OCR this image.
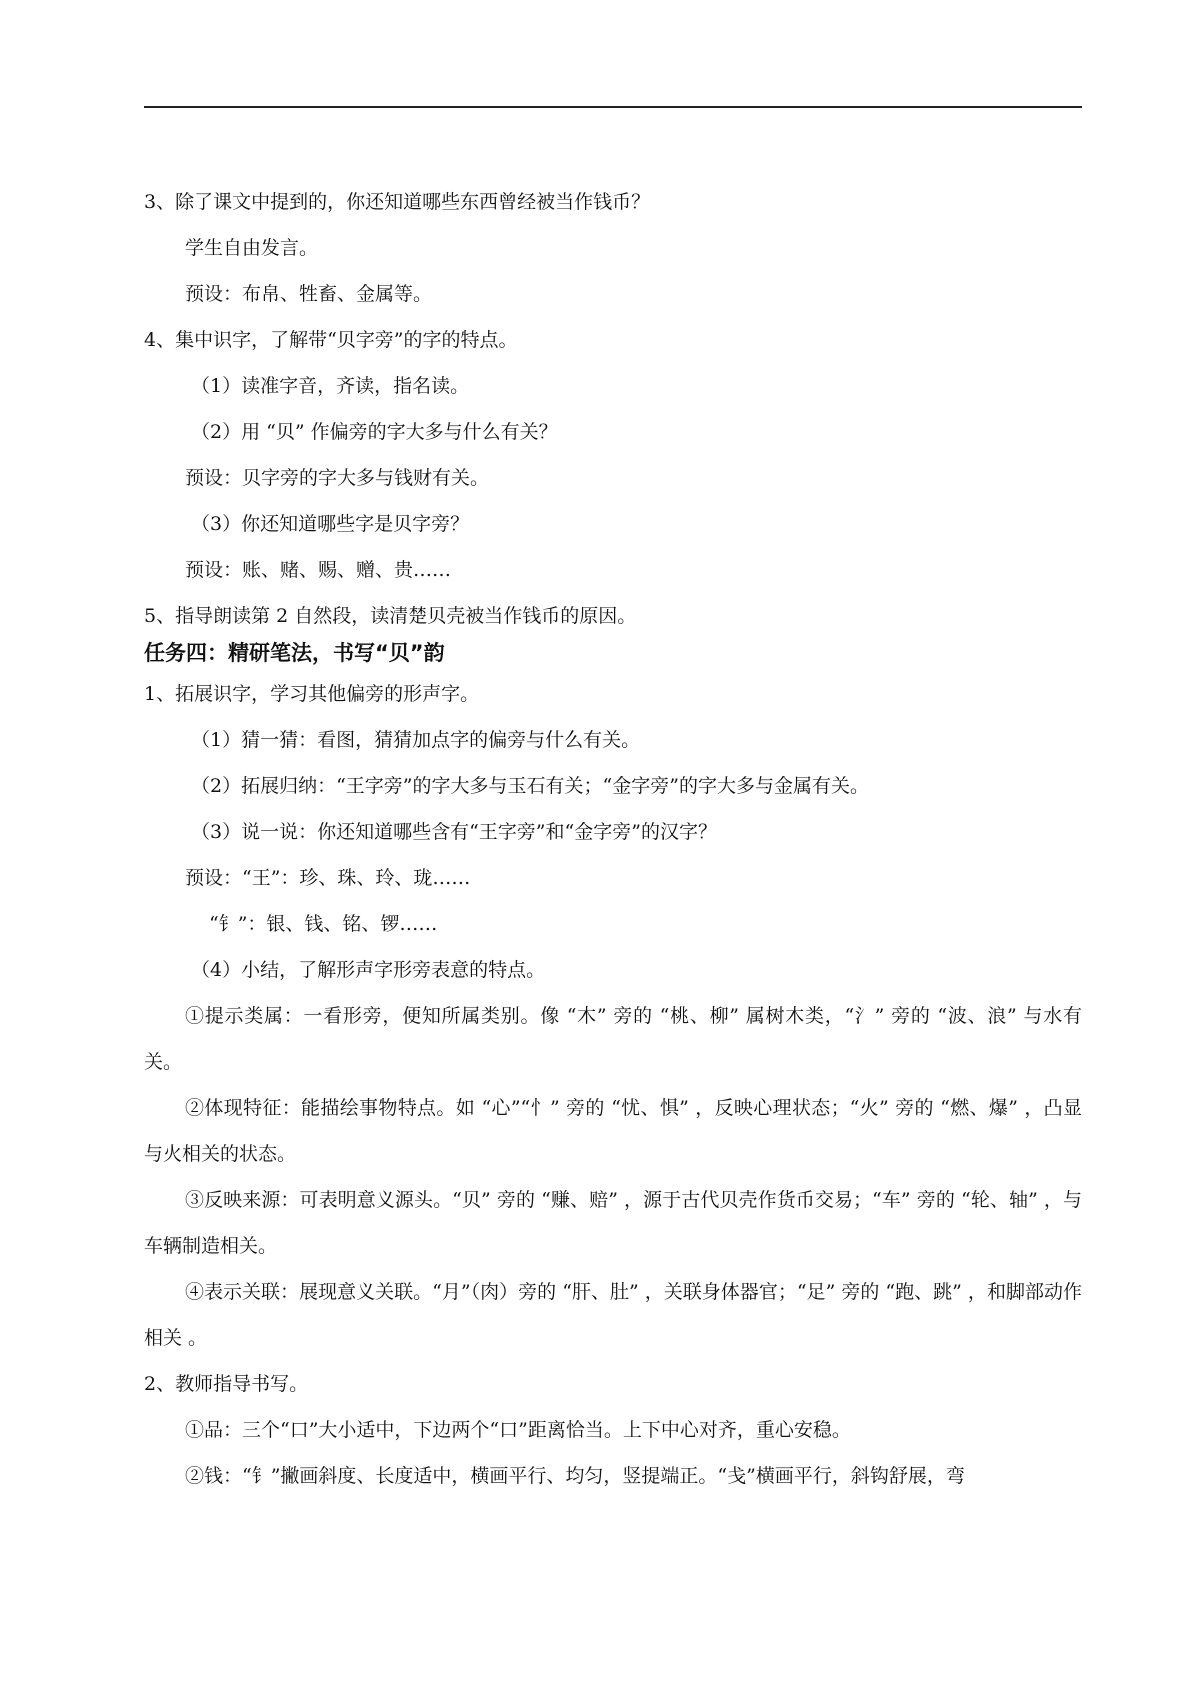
3、除了课文中提到的，你还知道哪些东西曾经被当作钱币？
学生自由发言。
预设：布帛、牲畜、金属等。
4、集中识字，了解带“贝字旁”的字的特点。
（1）读准字音，齐读，指名读。
（2）用 “贝” 作偏旁的字大多与什么有关？
预设：贝字旁的字大多与钱财有关。
（3）你还知道哪些字是贝字旁？
预设：账、赌、赐、赠、贵……
5、指导朗读第 2 自然段，读清楚贝壳被当作钱币的原因。
任务四：精研笔法，书写“贝”韵
1、拓展识字，学习其他偏旁的形声字。
（1）猜一猜：看图，猜猜加点字的偏旁与什么有关。
（2）拓展归纳：“王字旁”的字大多与玉石有关；“金字旁”的字大多与金属有关。
（3）说一说：你还知道哪些含有“王字旁”和“金字旁”的汉字？
预设：“王”：珍、珠、玲、珑……
“钅”：银、钱、铭、锣……
（4）小结，了解形声字形旁表意的特点。
①提示类属：一看形旁，便知所属类别。像 “木” 旁的 “桃、柳” 属树木类，“氵” 旁的 “波、浪” 与水有关。
②体现特征：能描绘事物特点。如 “心”“忄” 旁的 “忧、惧” ，反映心理状态；“火” 旁的 “燃、爆” ，凸显与火相关的状态。
③反映来源：可表明意义源头。“贝” 旁的 “赚、赔” ，源于古代贝壳作货币交易；“车” 旁的 “轮、轴” ，与车辆制造相关。
④表示关联：展现意义关联。“月”（肉）旁的 “肝、肚” ，关联身体器官；“足” 旁的 “跑、跳” ，和脚部动作相关 。
2、教师指导书写。
①品：三个“口”大小适中，下边两个“口”距离恰当。上下中心对齐，重心安稳。
②钱：“钅”撇画斜度、长度适中，横画平行、均匀，竖提端正。“戋”横画平行，斜钩舒展，弯
